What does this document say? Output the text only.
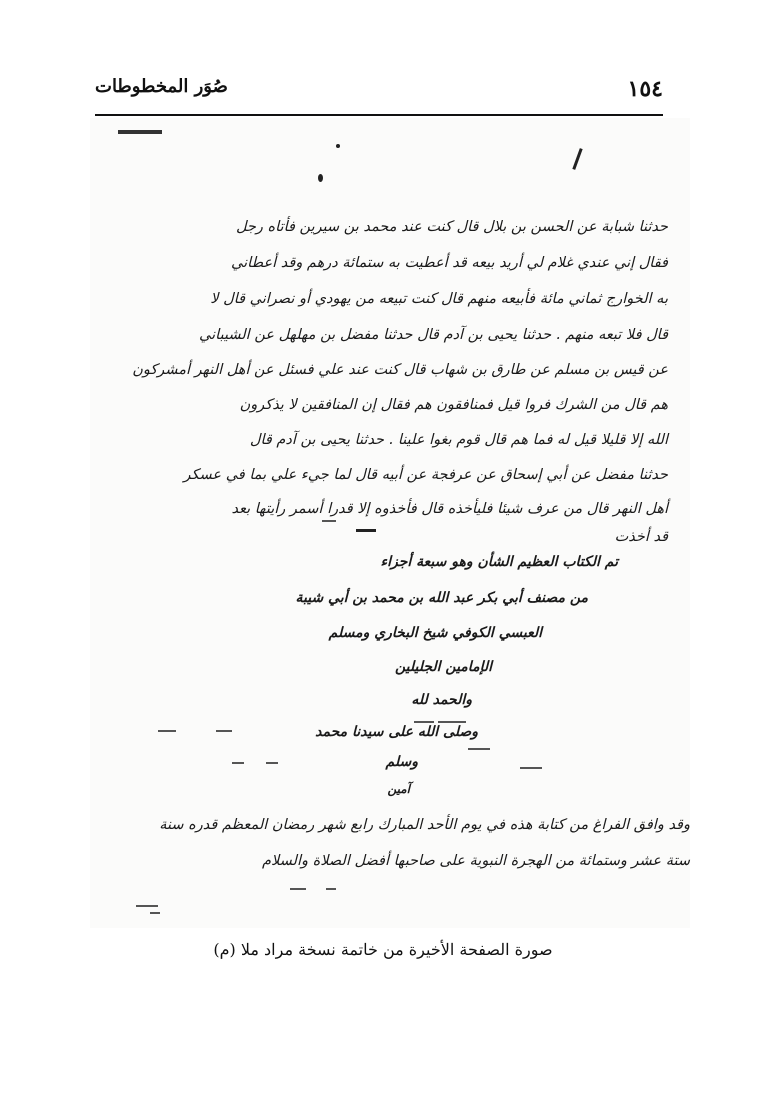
صُوَر المخطوطات	١٥٤
حدثنا شبابة عن الحسن بن بلال قال كنت عند محمد بن سيرين فأتاه رجل
فقال إني عندي غلام لي أريد بيعه قد أعطيت به ستمائة درهم وقد أعطاني
به الخوارج ثماني مائة فأبيعه منهم قال كنت تبيعه من يهودي أو نصراني قال لا
قال فلا تبعه منهم . حدثنا يحيى بن آدم قال حدثنا مفضل بن مهلهل عن الشيباني
عن قيس بن مسلم عن طارق بن شهاب قال كنت عند علي فسئل عن أهل النهر أمشركون
هم قال من الشرك فروا قيل فمنافقون هم فقال إن المنافقين لا يذكرون
الله إلا قليلا قيل له فما هم قال قوم بغوا علينا . حدثنا يحيى بن آدم قال
حدثنا مفضل عن أبي إسحاق عن عرفجة عن أبيه قال لما جيء علي بما في عسكر
أهل النهر قال من عرف شيئا فليأخذه قال فأخذوه إلا قدرا أسمر رأيتها بعد
قد أخذت
تم الكتاب العظيم الشأن وهو سبعة أجزاء
من مصنف أبي بكر عبد الله بن محمد بن أبي شيبة
العبسي الكوفي شيخ البخاري ومسلم
الإمامين الجليلين
والحمد لله
وصلى الله على سيدنا محمد
وسلم
آمين
وقد وافق الفراغ من كتابة هذه في يوم الأحد المبارك رابع شهر رمضان المعظم قدره سنة
ستة عشر وستمائة من الهجرة النبوية على صاحبها أفضل الصلاة والسلام
صورة الصفحة الأخيرة من خاتمة نسخة مراد ملا (م)
